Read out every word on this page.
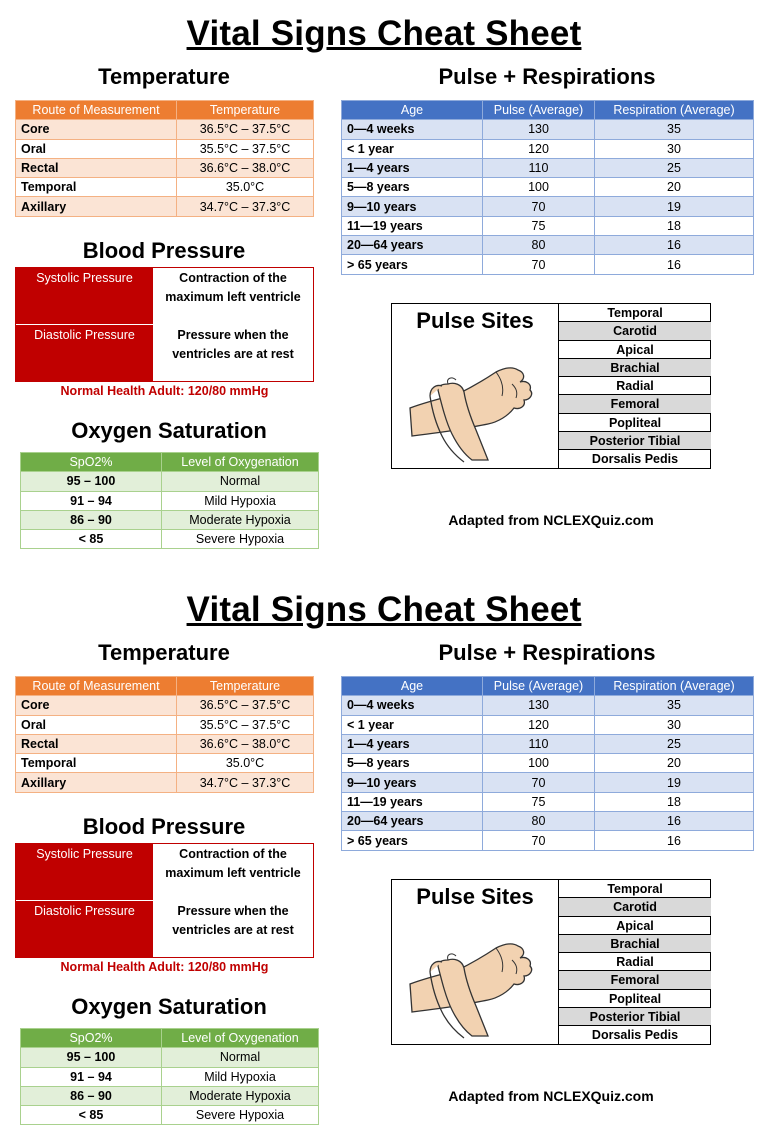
Vital Signs Cheat Sheet
Temperature
Route of Measurement	Temperature
Core	36.5°C – 37.5°C
Oral	35.5°C – 37.5°C
Rectal	36.6°C – 38.0°C
Temporal	35.0°C
Axillary	34.7°C – 37.3°C
Pulse + Respirations
Age	Pulse (Average)	Respiration (Average)
0—4 weeks	130	35
< 1 year	120	30
1—4 years	110	25
5—8 years	100	20
9—10 years	70	19
11—19 years	75	18
20—64 years	80	16
> 65 years	70	16
Blood Pressure
Systolic Pressure	Contraction of the
maximum left ventricle
Diastolic Pressure	Pressure when the
ventricles are at rest
Normal Health Adult: 120/80 mmHg
Oxygen Saturation
SpO2%	Level of Oxygenation
95 – 100	Normal
91 – 94	Mild Hypoxia
86 – 90	Moderate Hypoxia
< 85	Severe Hypoxia
Pulse Sites	Temporal
Carotid
Apical
Brachial
Radial
Femoral
Popliteal
Posterior Tibial
Dorsalis Pedis
Adapted from NCLEXQuiz.com
Vital Signs Cheat Sheet
Temperature
Route of Measurement	Temperature
Core	36.5°C – 37.5°C
Oral	35.5°C – 37.5°C
Rectal	36.6°C – 38.0°C
Temporal	35.0°C
Axillary	34.7°C – 37.3°C
Pulse + Respirations
Age	Pulse (Average)	Respiration (Average)
0—4 weeks	130	35
< 1 year	120	30
1—4 years	110	25
5—8 years	100	20
9—10 years	70	19
11—19 years	75	18
20—64 years	80	16
> 65 years	70	16
Blood Pressure
Systolic Pressure	Contraction of the
maximum left ventricle
Diastolic Pressure	Pressure when the
ventricles are at rest
Normal Health Adult: 120/80 mmHg
Oxygen Saturation
SpO2%	Level of Oxygenation
95 – 100	Normal
91 – 94	Mild Hypoxia
86 – 90	Moderate Hypoxia
< 85	Severe Hypoxia
Pulse Sites	Temporal
Carotid
Apical
Brachial
Radial
Femoral
Popliteal
Posterior Tibial
Dorsalis Pedis
Adapted from NCLEXQuiz.com
